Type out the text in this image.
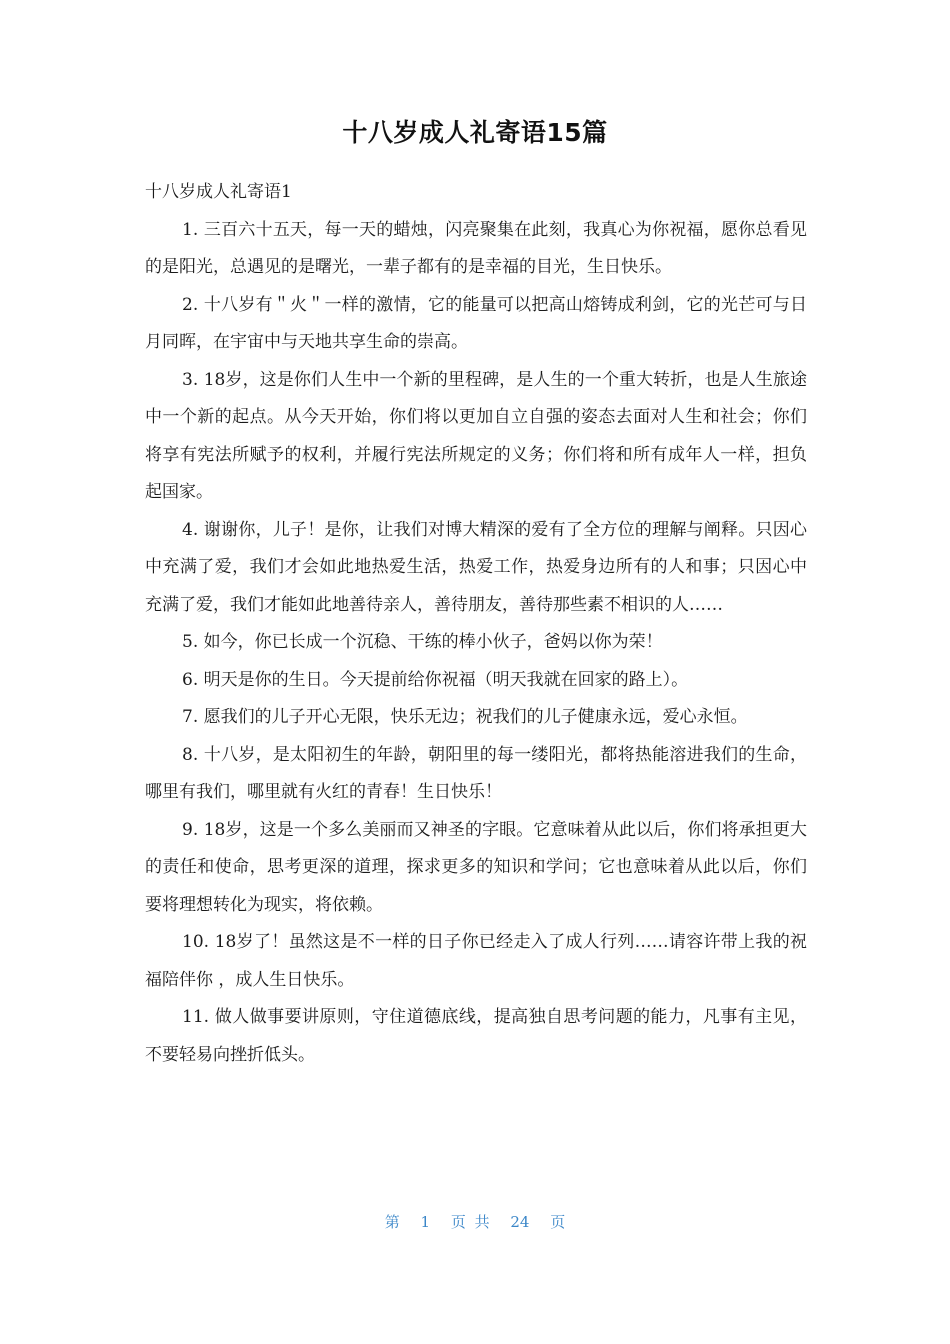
十八岁成人礼寄语15篇

十八岁成人礼寄语1

1. 三百六十五天，每一天的蜡烛，闪亮聚集在此刻，我真心为你祝福，愿你总看见的是阳光，总遇见的是曙光，一辈子都有的是幸福的目光，生日快乐。

2. 十八岁有＂火＂一样的激情，它的能量可以把高山熔铸成利剑，它的光芒可与日月同晖，在宇宙中与天地共享生命的崇高。

3. 18岁，这是你们人生中一个新的里程碑，是人生的一个重大转折，也是人生旅途中一个新的起点。从今天开始，你们将以更加自立自强的姿态去面对人生和社会；你们将享有宪法所赋予的权利，并履行宪法所规定的义务；你们将和所有成年人一样，担负起国家。

4. 谢谢你，儿子！是你，让我们对博大精深的爱有了全方位的理解与阐释。只因心中充满了爱，我们才会如此地热爱生活，热爱工作，热爱身边所有的人和事；只因心中充满了爱，我们才能如此地善待亲人，善待朋友，善待那些素不相识的人……

5. 如今，你已长成一个沉稳、干练的棒小伙子，爸妈以你为荣！

6. 明天是你的生日。今天提前给你祝福（明天我就在回家的路上）。

7. 愿我们的儿子开心无限，快乐无边；祝我们的儿子健康永远，爱心永恒。

8. 十八岁，是太阳初生的年龄，朝阳里的每一缕阳光，都将热能溶进我们的生命，哪里有我们，哪里就有火红的青春！生日快乐！

9. 18岁，这是一个多么美丽而又神圣的字眼。它意味着从此以后，你们将承担更大的责任和使命，思考更深的道理，探求更多的知识和学问；它也意味着从此以后，你们要将理想转化为现实，将依赖。

10. 18岁了！虽然这是不一样的日子你已经走入了成人行列……请容许带上我的祝福陪伴你 ，成人生日快乐。

11. 做人做事要讲原则，守住道德底线，提高独自思考问题的能力，凡事有主见，不要轻易向挫折低头。

第 1 页 共 24 页
